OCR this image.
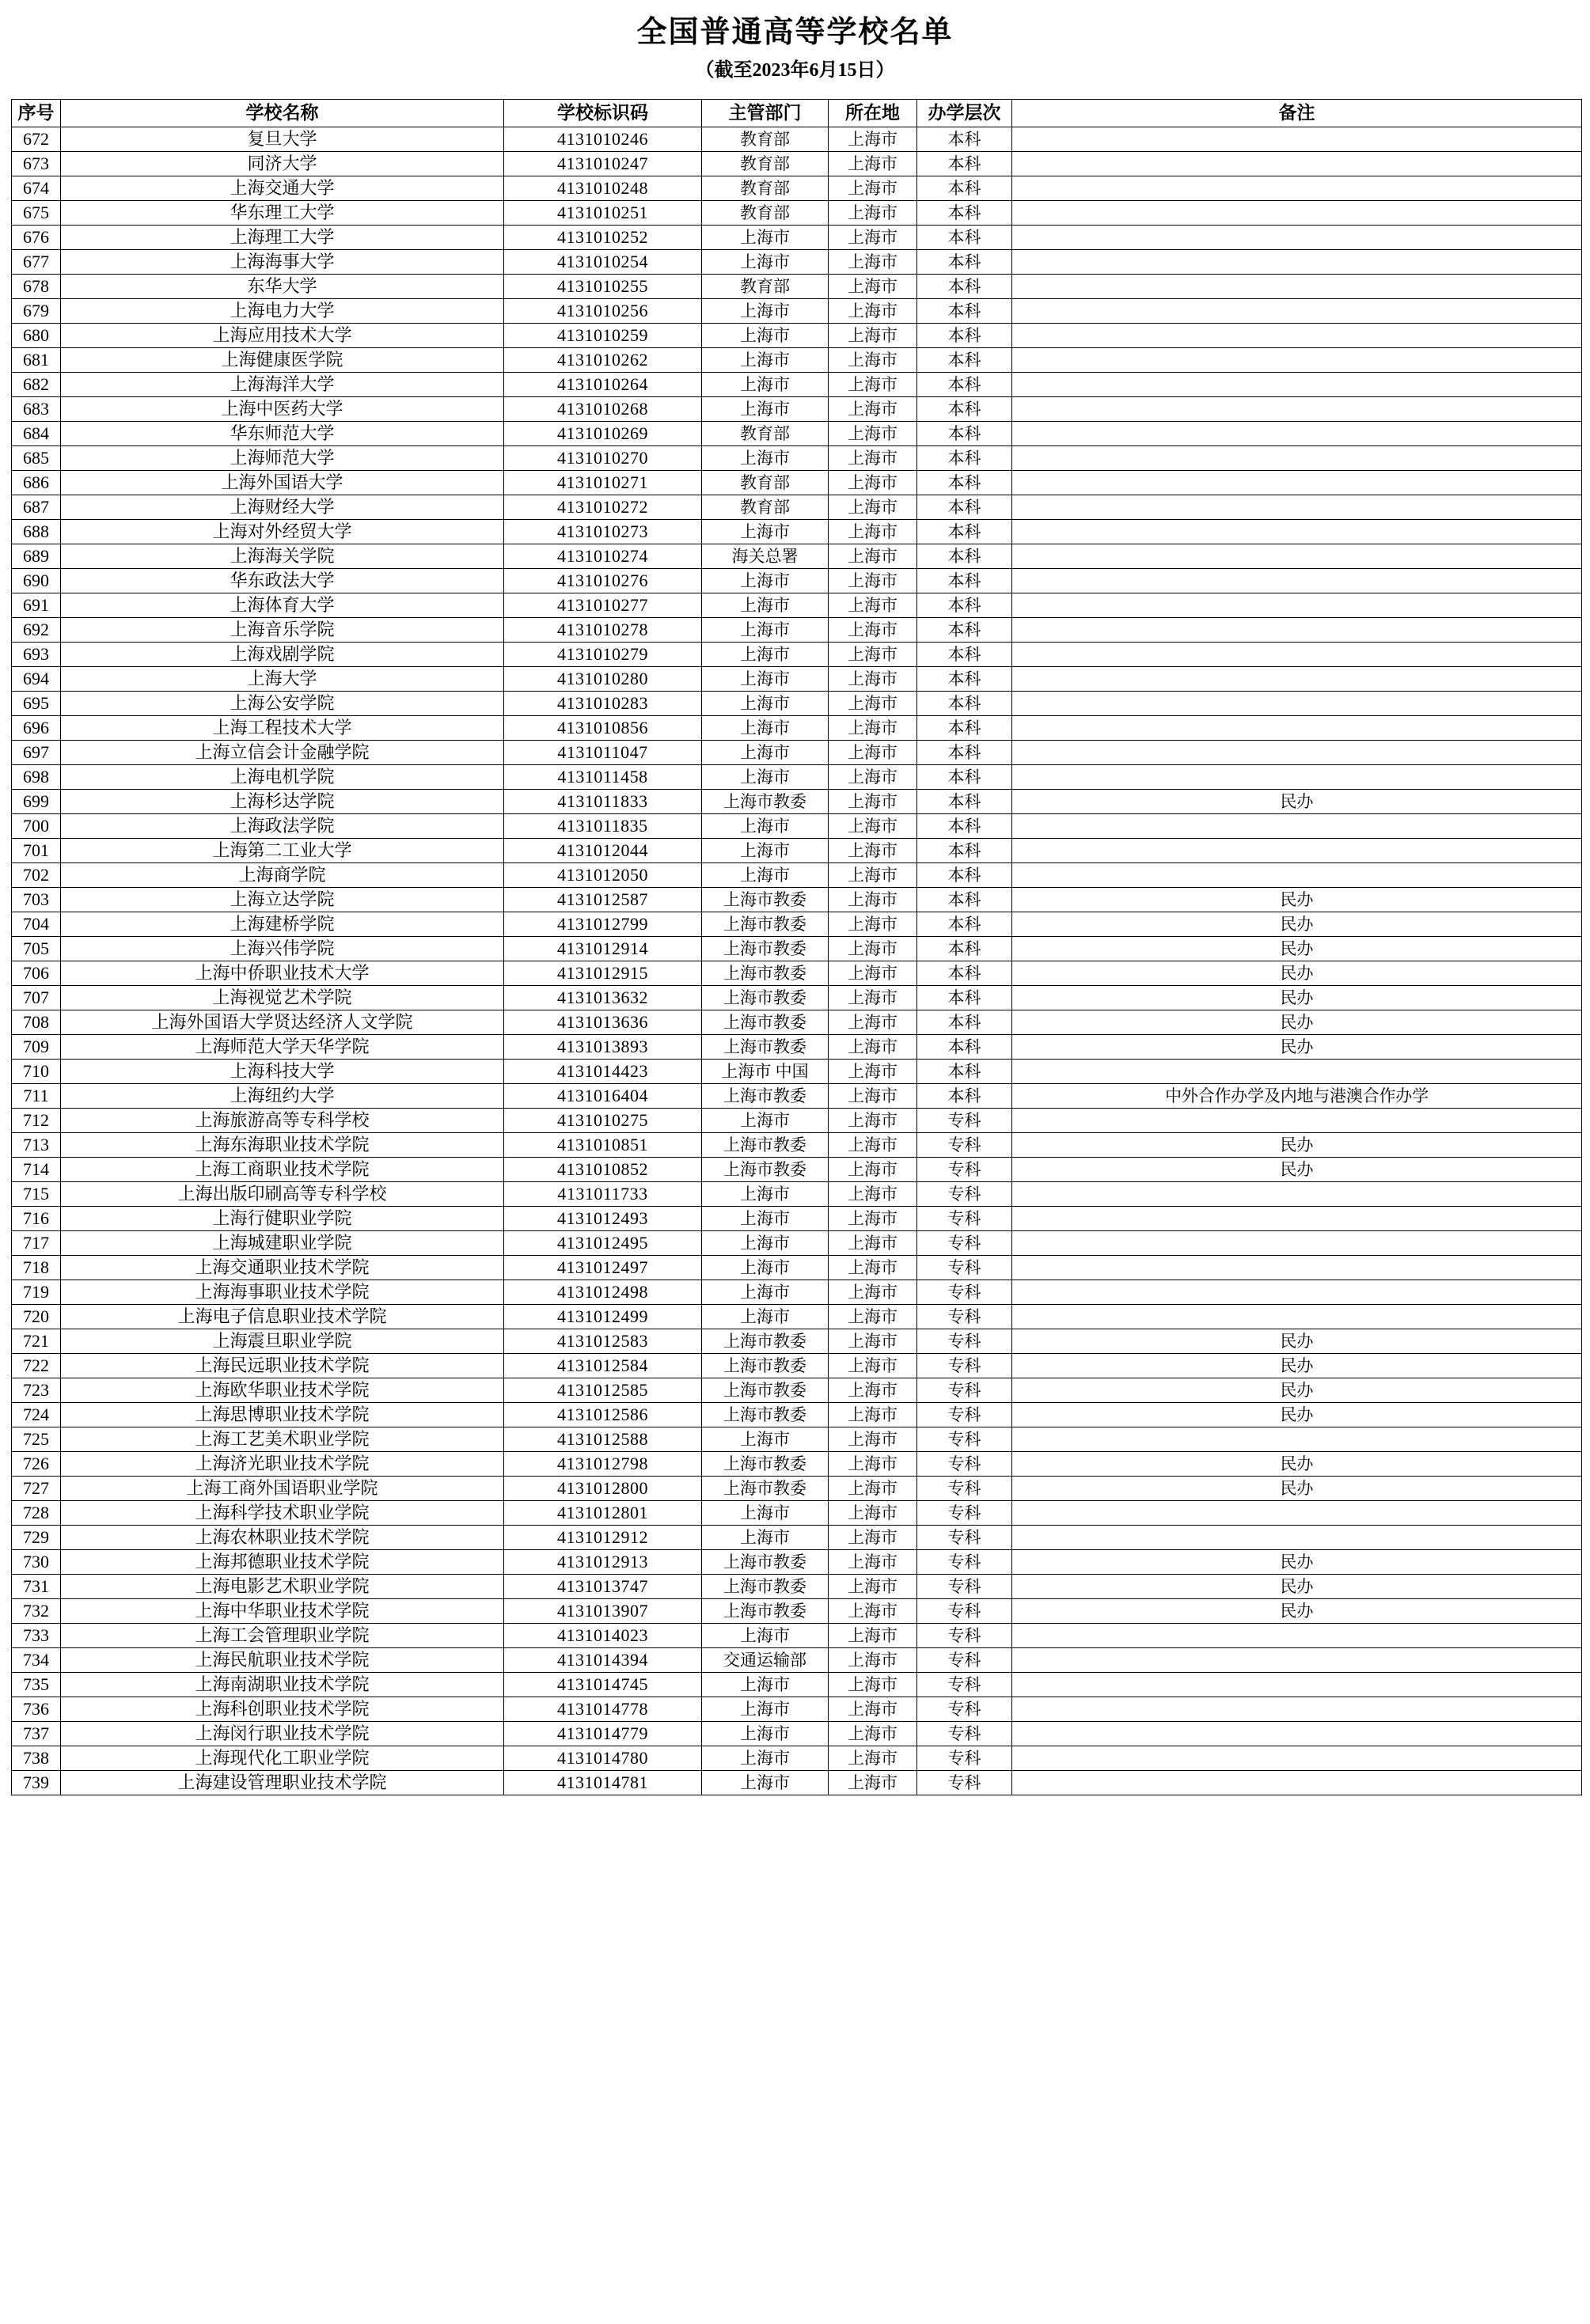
全国普通高等学校名单
（截至2023年6月15日）
序号	学校名称	学校标识码	主管部门	所在地	办学层次	备注
672	复旦大学	4131010246	教育部	上海市	本科	
673	同济大学	4131010247	教育部	上海市	本科	
674	上海交通大学	4131010248	教育部	上海市	本科	
675	华东理工大学	4131010251	教育部	上海市	本科	
676	上海理工大学	4131010252	上海市	上海市	本科	
677	上海海事大学	4131010254	上海市	上海市	本科	
678	东华大学	4131010255	教育部	上海市	本科	
679	上海电力大学	4131010256	上海市	上海市	本科	
680	上海应用技术大学	4131010259	上海市	上海市	本科	
681	上海健康医学院	4131010262	上海市	上海市	本科	
682	上海海洋大学	4131010264	上海市	上海市	本科	
683	上海中医药大学	4131010268	上海市	上海市	本科	
684	华东师范大学	4131010269	教育部	上海市	本科	
685	上海师范大学	4131010270	上海市	上海市	本科	
686	上海外国语大学	4131010271	教育部	上海市	本科	
687	上海财经大学	4131010272	教育部	上海市	本科	
688	上海对外经贸大学	4131010273	上海市	上海市	本科	
689	上海海关学院	4131010274	海关总署	上海市	本科	
690	华东政法大学	4131010276	上海市	上海市	本科	
691	上海体育大学	4131010277	上海市	上海市	本科	
692	上海音乐学院	4131010278	上海市	上海市	本科	
693	上海戏剧学院	4131010279	上海市	上海市	本科	
694	上海大学	4131010280	上海市	上海市	本科	
695	上海公安学院	4131010283	上海市	上海市	本科	
696	上海工程技术大学	4131010856	上海市	上海市	本科	
697	上海立信会计金融学院	4131011047	上海市	上海市	本科	
698	上海电机学院	4131011458	上海市	上海市	本科	
699	上海杉达学院	4131011833	上海市教委	上海市	本科	民办
700	上海政法学院	4131011835	上海市	上海市	本科	
701	上海第二工业大学	4131012044	上海市	上海市	本科	
702	上海商学院	4131012050	上海市	上海市	本科	
703	上海立达学院	4131012587	上海市教委	上海市	本科	民办
704	上海建桥学院	4131012799	上海市教委	上海市	本科	民办
705	上海兴伟学院	4131012914	上海市教委	上海市	本科	民办
706	上海中侨职业技术大学	4131012915	上海市教委	上海市	本科	民办
707	上海视觉艺术学院	4131013632	上海市教委	上海市	本科	民办
708	上海外国语大学贤达经济人文学院	4131013636	上海市教委	上海市	本科	民办
709	上海师范大学天华学院	4131013893	上海市教委	上海市	本科	民办
710	上海科技大学	4131014423	上海市 中国	上海市	本科	
711	上海纽约大学	4131016404	上海市教委	上海市	本科	中外合作办学及内地与港澳合作办学
712	上海旅游高等专科学校	4131010275	上海市	上海市	专科	
713	上海东海职业技术学院	4131010851	上海市教委	上海市	专科	民办
714	上海工商职业技术学院	4131010852	上海市教委	上海市	专科	民办
715	上海出版印刷高等专科学校	4131011733	上海市	上海市	专科	
716	上海行健职业学院	4131012493	上海市	上海市	专科	
717	上海城建职业学院	4131012495	上海市	上海市	专科	
718	上海交通职业技术学院	4131012497	上海市	上海市	专科	
719	上海海事职业技术学院	4131012498	上海市	上海市	专科	
720	上海电子信息职业技术学院	4131012499	上海市	上海市	专科	
721	上海震旦职业学院	4131012583	上海市教委	上海市	专科	民办
722	上海民远职业技术学院	4131012584	上海市教委	上海市	专科	民办
723	上海欧华职业技术学院	4131012585	上海市教委	上海市	专科	民办
724	上海思博职业技术学院	4131012586	上海市教委	上海市	专科	民办
725	上海工艺美术职业学院	4131012588	上海市	上海市	专科	
726	上海济光职业技术学院	4131012798	上海市教委	上海市	专科	民办
727	上海工商外国语职业学院	4131012800	上海市教委	上海市	专科	民办
728	上海科学技术职业学院	4131012801	上海市	上海市	专科	
729	上海农林职业技术学院	4131012912	上海市	上海市	专科	
730	上海邦德职业技术学院	4131012913	上海市教委	上海市	专科	民办
731	上海电影艺术职业学院	4131013747	上海市教委	上海市	专科	民办
732	上海中华职业技术学院	4131013907	上海市教委	上海市	专科	民办
733	上海工会管理职业学院	4131014023	上海市	上海市	专科	
734	上海民航职业技术学院	4131014394	交通运输部	上海市	专科	
735	上海南湖职业技术学院	4131014745	上海市	上海市	专科	
736	上海科创职业技术学院	4131014778	上海市	上海市	专科	
737	上海闵行职业技术学院	4131014779	上海市	上海市	专科	
738	上海现代化工职业学院	4131014780	上海市	上海市	专科	
739	上海建设管理职业技术学院	4131014781	上海市	上海市	专科	
